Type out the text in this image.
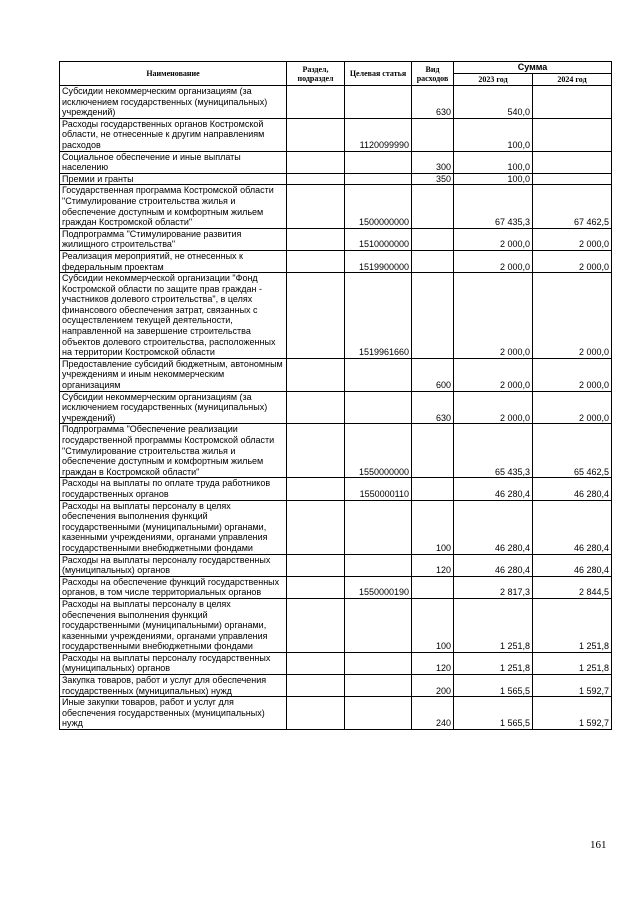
Наименование	Раздел, подраздел	Целевая статья	Вид расходов	Сумма	
				2023 год	2024 год
Субсидии некоммерческим организациям (за исключением государственных (муниципальных) учреждений)			630	540,0	
Расходы государственных органов Костромской области, не отнесенные к другим направлениям расходов		1120099990		100,0	
Социальное обеспечение и иные выплаты населению			300	100,0	
Премии и гранты			350	100,0	
Государственная программа Костромской области "Стимулирование строительства жилья и обеспечение доступным и комфортным жильем граждан Костромской области"		1500000000		67 435,3	67 462,5
Подпрограмма "Стимулирование развития жилищного строительства"		1510000000		2 000,0	2 000,0
Реализация мероприятий, не отнесенных к федеральным проектам		1519900000		2 000,0	2 000,0
Субсидии некоммерческой организации "Фонд Костромской области по защите прав граждан - участников долевого строительства", в целях финансового обеспечения затрат, связанных с осуществлением текущей деятельности, направленной на завершение строительства объектов долевого строительства, расположенных на территории Костромской области		1519961660		2 000,0	2 000,0
Предоставление субсидий бюджетным, автономным учреждениям и иным некоммерческим организациям			600	2 000,0	2 000,0
Субсидии некоммерческим организациям (за исключением государственных (муниципальных) учреждений)			630	2 000,0	2 000,0
Подпрограмма "Обеспечение реализации государственной программы Костромской области "Стимулирование строительства жилья и обеспечение доступным и комфортным жильем граждан в Костромской области"		1550000000		65 435,3	65 462,5
Расходы на выплаты по оплате труда работников государственных органов		1550000110		46 280,4	46 280,4
Расходы на выплаты персоналу в целях обеспечения выполнения функций государственными (муниципальными) органами, казенными учреждениями, органами управления государственными внебюджетными фондами			100	46 280,4	46 280,4
Расходы на выплаты персоналу государственных (муниципальных) органов			120	46 280,4	46 280,4
Расходы на обеспечение функций государственных органов, в том числе территориальных органов		1550000190		2 817,3	2 844,5
Расходы на выплаты персоналу в целях обеспечения выполнения функций государственными (муниципальными) органами, казенными учреждениями, органами управления государственными внебюджетными фондами			100	1 251,8	1 251,8
Расходы на выплаты персоналу государственных (муниципальных) органов			120	1 251,8	1 251,8
Закупка товаров, работ и услуг для обеспечения государственных (муниципальных) нужд			200	1 565,5	1 592,7
Иные закупки товаров, работ и услуг для обеспечения государственных (муниципальных) нужд			240	1 565,5	1 592,7
161
